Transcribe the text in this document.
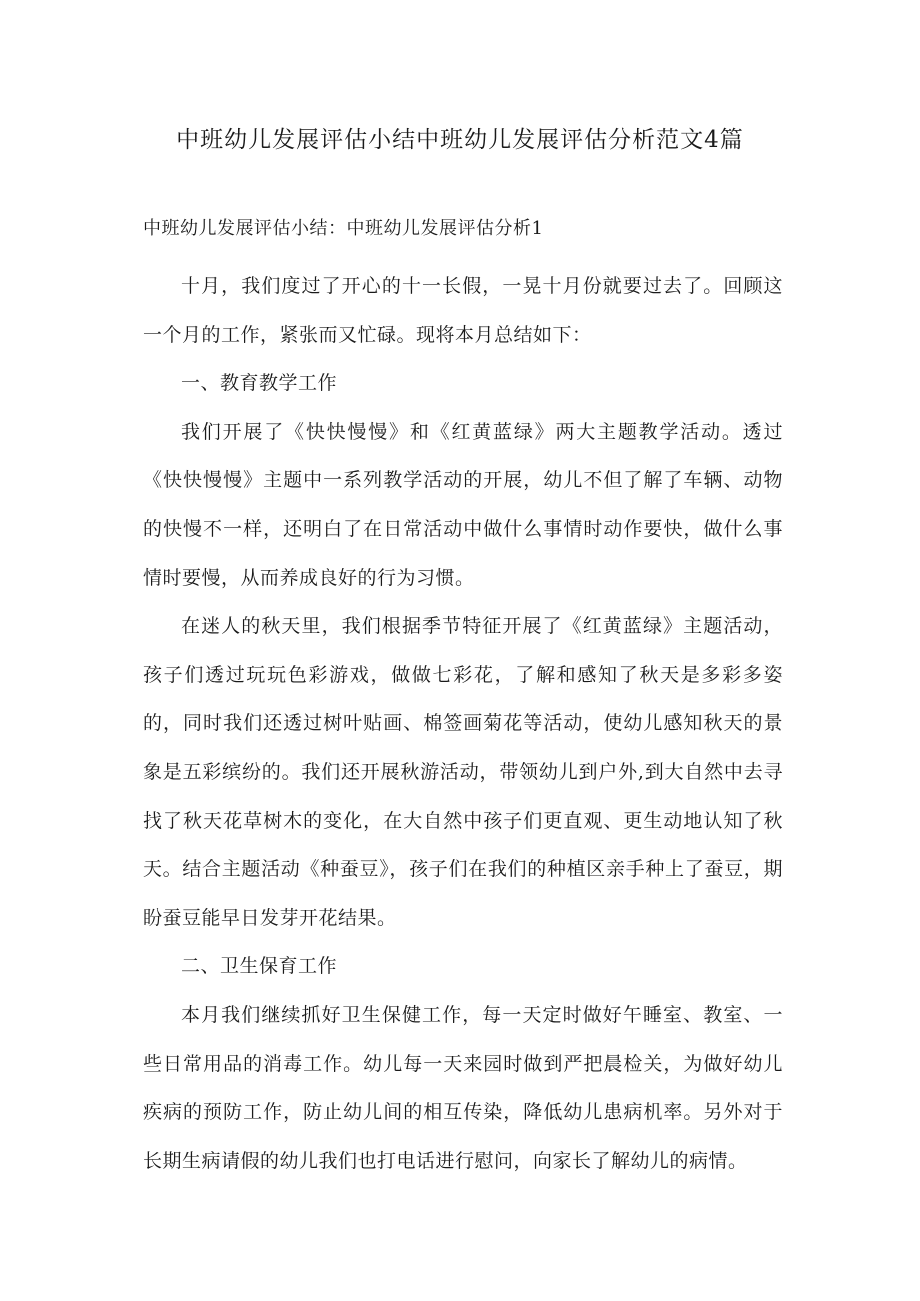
中班幼儿发展评估小结中班幼儿发展评估分析范文4篇
中班幼儿发展评估小结：中班幼儿发展评估分析1

十月，我们度过了开心的十一长假，一晃十月份就要过去了。回顾这一个月的工作，紧张而又忙碌。现将本月总结如下：

一、教育教学工作

我们开展了《快快慢慢》和《红黄蓝绿》两大主题教学活动。透过《快快慢慢》主题中一系列教学活动的开展，幼儿不但了解了车辆、动物的快慢不一样，还明白了在日常活动中做什么事情时动作要快，做什么事情时要慢，从而养成良好的行为习惯。

在迷人的秋天里，我们根据季节特征开展了《红黄蓝绿》主题活动，孩子们透过玩玩色彩游戏，做做七彩花，了解和感知了秋天是多彩多姿的，同时我们还透过树叶贴画、棉签画菊花等活动，使幼儿感知秋天的景象是五彩缤纷的。我们还开展秋游活动，带领幼儿到户外,到大自然中去寻找了秋天花草树木的变化，在大自然中孩子们更直观、更生动地认知了秋天。结合主题活动《种蚕豆》，孩子们在我们的种植区亲手种上了蚕豆，期盼蚕豆能早日发芽开花结果。

二、卫生保育工作

本月我们继续抓好卫生保健工作，每一天定时做好午睡室、教室、一些日常用品的消毒工作。幼儿每一天来园时做到严把晨检关，为做好幼儿疾病的预防工作，防止幼儿间的相互传染，降低幼儿患病机率。另外对于长期生病请假的幼儿我们也打电话进行慰问，向家长了解幼儿的病情。
